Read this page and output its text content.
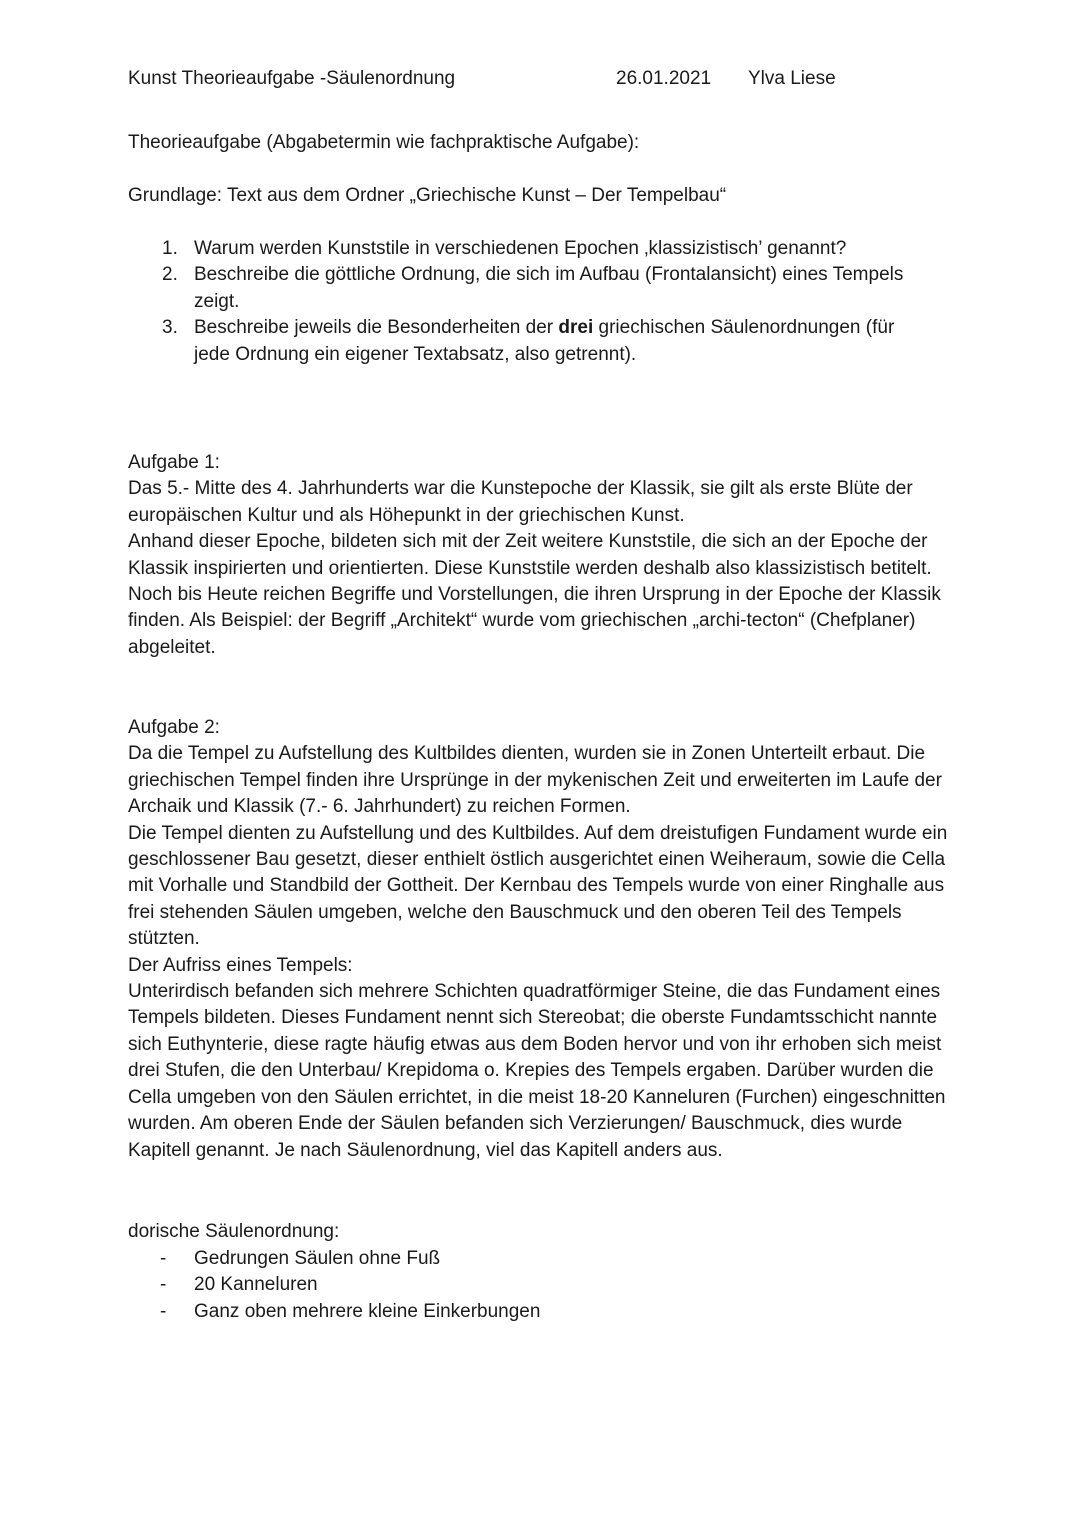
Kunst Theorieaufgabe -Säulenordnung	26.01.2021 Ylva Liese
Theorieaufgabe (Abgabetermin wie fachpraktische Aufgabe):
Grundlage: Text aus dem Ordner „Griechische Kunst – Der Tempelbau“
1. Warum werden Kunststile in verschiedenen Epochen ‚klassizistisch’ genannt?
2. Beschreibe die göttliche Ordnung, die sich im Aufbau (Frontalansicht) eines Tempels zeigt.
3. Beschreibe jeweils die Besonderheiten der drei griechischen Säulenordnungen (für jede Ordnung ein eigener Textabsatz, also getrennt).

Aufgabe 1:

Das 5.- Mitte des 4. Jahrhunderts war die Kunstepoche der Klassik, sie gilt als erste Blüte der europäischen Kultur und als Höhepunkt in der griechischen Kunst.

Anhand dieser Epoche, bildeten sich mit der Zeit weitere Kunststile, die sich an der Epoche der Klassik inspirierten und orientierten. Diese Kunststile werden deshalb also klassizistisch betitelt.

Noch bis Heute reichen Begriffe und Vorstellungen, die ihren Ursprung in der Epoche der Klassik finden. Als Beispiel: der Begriff „Architekt“ wurde vom griechischen „archi-tecton“ (Chefplaner) abgeleitet.

Aufgabe 2:

Da die Tempel zu Aufstellung des Kultbildes dienten, wurden sie in Zonen Unterteilt erbaut. Die griechischen Tempel finden ihre Ursprünge in der mykenischen Zeit und erweiterten im Laufe der Archaik und Klassik (7.- 6. Jahrhundert) zu reichen Formen.

Die Tempel dienten zu Aufstellung und des Kultbildes. Auf dem dreistufigen Fundament wurde ein geschlossener Bau gesetzt, dieser enthielt östlich ausgerichtet einen Weiheraum, sowie die Cella mit Vorhalle und Standbild der Gottheit. Der Kernbau des Tempels wurde von einer Ringhalle aus frei stehenden Säulen umgeben, welche den Bauschmuck und den oberen Teil des Tempels stützten.

Der Aufriss eines Tempels:

Unterirdisch befanden sich mehrere Schichten quadratförmiger Steine, die das Fundament eines Tempels bildeten. Dieses Fundament nennt sich Stereobat; die oberste Fundamtsschicht nannte sich Euthynterie, diese ragte häufig etwas aus dem Boden hervor und von ihr erhoben sich meist drei Stufen, die den Unterbau/ Krepidoma o. Krepies des Tempels ergaben. Darüber wurden die Cella umgeben von den Säulen errichtet, in die meist 18-20 Kanneluren (Furchen) eingeschnitten wurden. Am oberen Ende der Säulen befanden sich Verzierungen/ Bauschmuck, dies wurde Kapitell genannt. Je nach Säulenordnung, viel das Kapitell anders aus.

dorische Säulenordnung:
- Gedrungen Säulen ohne Fuß
- 20 Kanneluren
- Ganz oben mehrere kleine Einkerbungen
